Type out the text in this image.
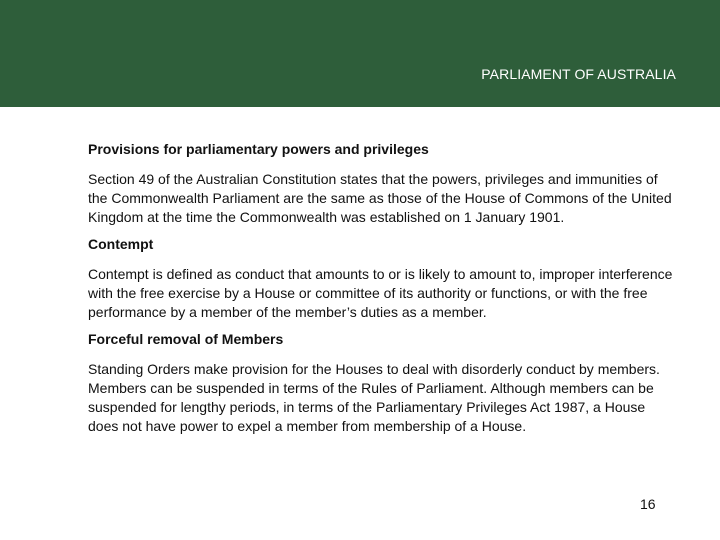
PARLIAMENT OF AUSTRALIA
Provisions for parliamentary powers and privileges
Section 49 of the Australian Constitution states that the powers, privileges and immunities of the Commonwealth Parliament are the same as those of the House of Commons of the United Kingdom at the time the Commonwealth was established on 1 January 1901.
Contempt
Contempt is defined as conduct that amounts to or is likely to amount to, improper interference with the free exercise by a House or committee of its authority or functions, or with the free performance by a member of the member’s duties as a member.
Forceful removal of Members
Standing Orders make provision for the Houses to deal with disorderly conduct by members. Members can be suspended in terms of the Rules of Parliament. Although members can be suspended for lengthy periods, in terms of the Parliamentary Privileges Act 1987, a House does not have power to expel a member from membership of a House.
16
